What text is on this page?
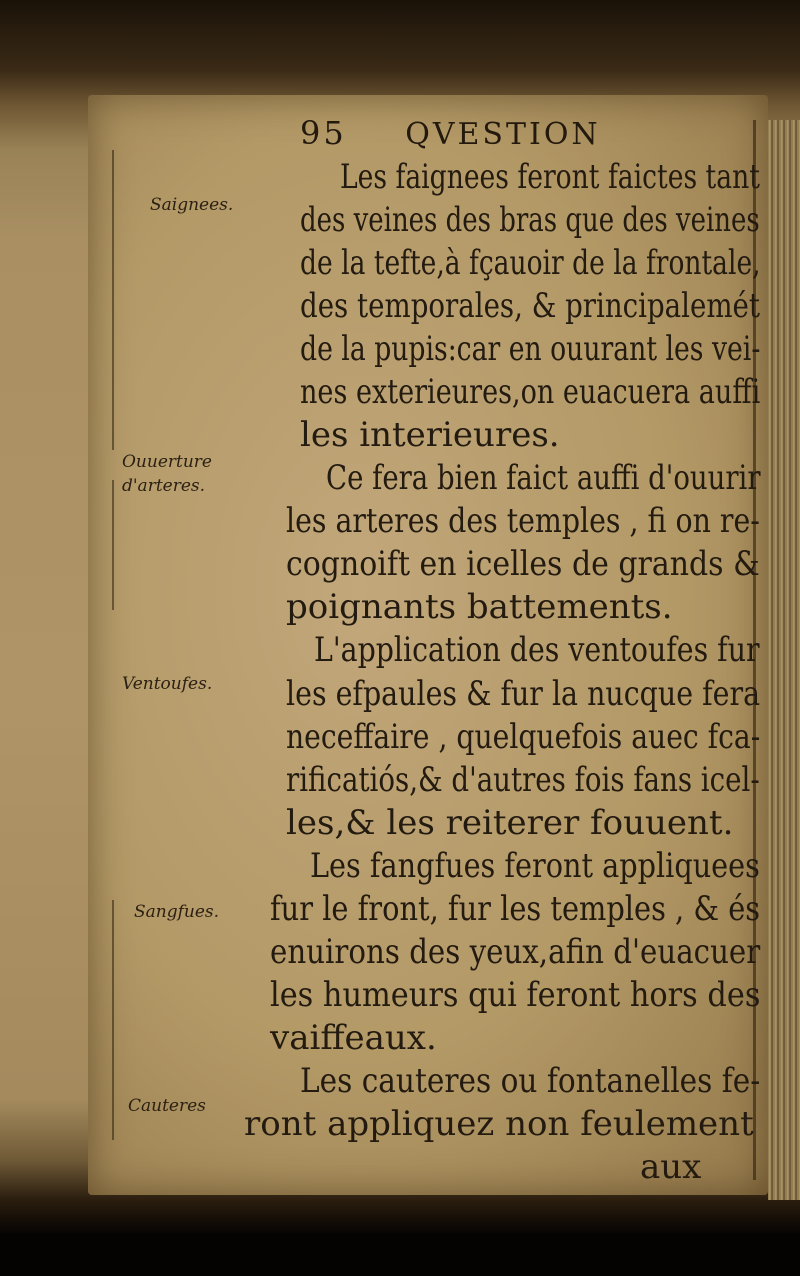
95 QVESTION
Saignees.
Ouuerture
d'arteres.
Ventoufes.
Sangfues.
Cauteres
Les faignees feront faictes tant
des veines des bras que des veines
de la tefte,à fçauoir de la frontale,
des temporales, & principalemét
de la pupis:car en ouurant les vei-
nes exterieures,on euacuera auffi
les interieures.
Ce fera bien faict auffi d'ouurir
les arteres des temples , fi on re-
cognoift en icelles de grands &
poignants battements.
L'application des ventoufes fur
les efpaules & fur la nucque fera
neceffaire , quelquefois auec fca-
rificatiós,& d'autres fois fans icel-
les,& les reiterer fouuent.
Les fangfues feront appliquees
fur le front, fur les temples , & és
enuirons des yeux,afin d'euacuer
les humeurs qui feront hors des
vaiffeaux.
Les cauteres ou fontanelles fe-
ront appliquez non feulement
aux
